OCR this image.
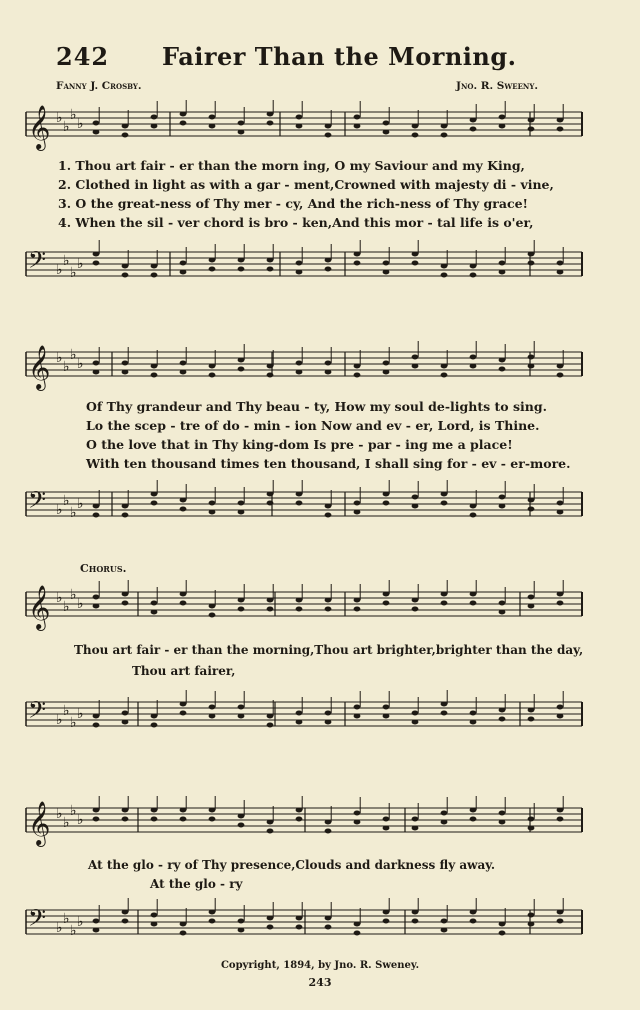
242 Fairer Than the Morning.
Fanny J. Crosby.	Jno. R. Sweeny.
𝄞 ♭
♭
♭
♭
1. Thou art fair - er than the morn ing, O my Saviour and my King,
2. Clothed in light as with a gar - ment,Crowned with majesty di - vine,
3. O the great-ness of Thy mer - cy, And the rich-ness of Thy grace!
4. When the sil - ver chord is bro - ken,And this mor - tal life is o'er,
𝄢 ♭
♭
♭
♭
𝄞 ♭
♭
♭
♭
Of Thy grandeur and Thy beau - ty, How my soul de-lights to sing.
Lo the scep - tre of do - min - ion Now and ev - er, Lord, is Thine.
O the love that in Thy king-dom Is pre - par - ing me a place!
With ten thousand times ten thousand, I shall sing for - ev - er-more.
𝄢 ♭
♭
♭
♭
Chorus.
𝄞 ♭
♭
♭
♭
Thou art fair - er than the morning,Thou art brighter,brighter than the day,
Thou art fairer,
𝄢 ♭
♭
♭
♭
𝄞 ♭
♭
♭
♭
At the glo - ry of Thy presence,Clouds and darkness fly away.
At the glo - ry
𝄢 ♭
♭
♭
♭
Copyright, 1894, by Jno. R. Sweney.
243
